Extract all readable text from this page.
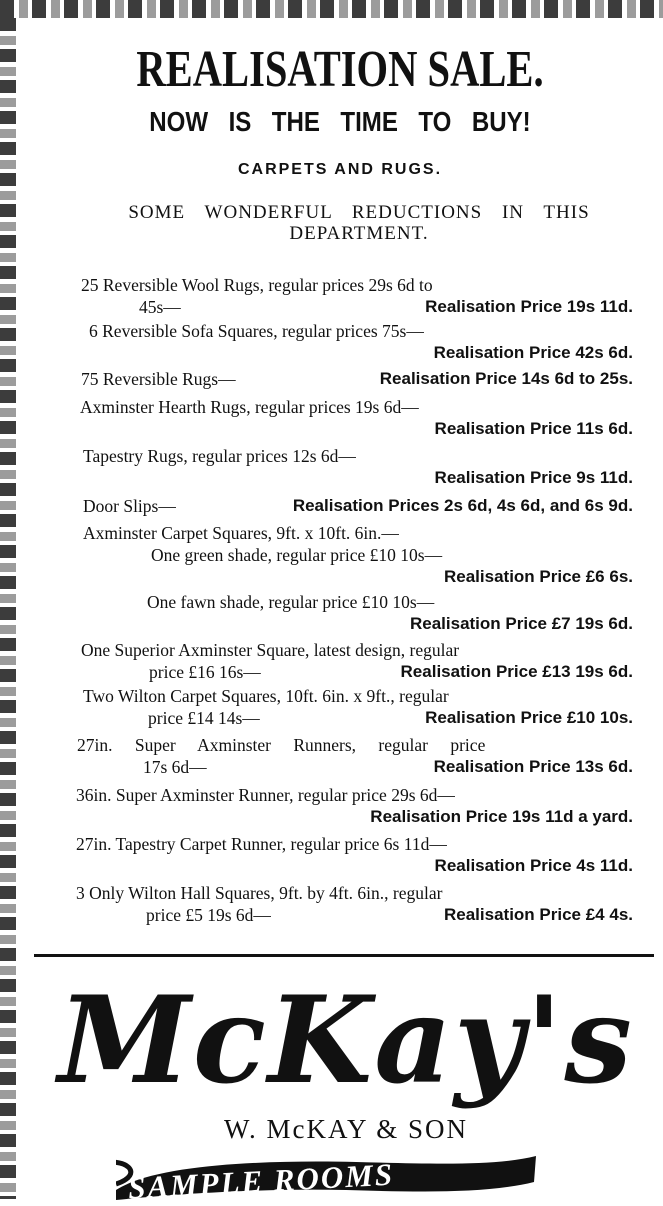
REALISATION SALE.
NOW IS THE TIME TO BUY!
CARPETS AND RUGS.
SOME WONDERFUL REDUCTIONS IN THIS DEPARTMENT.
25 Reversible Wool Rugs, regular prices 29s 6d to
45s—	Realisation Price 19s 11d.
6 Reversible Sofa Squares, regular prices 75s—
Realisation Price 42s 6d.
75 Reversible Rugs—	Realisation Price 14s 6d to 25s.
Axminster Hearth Rugs, regular prices 19s 6d—
Realisation Price 11s 6d.
Tapestry Rugs, regular prices 12s 6d—
Realisation Price 9s 11d.
Door Slips—	Realisation Prices 2s 6d, 4s 6d, and 6s 9d.
Axminster Carpet Squares, 9ft. x 10ft. 6in.—
One green shade, regular price £10 10s—
Realisation Price £6 6s.
One fawn shade, regular price £10 10s—
Realisation Price £7 19s 6d.
One Superior Axminster Square, latest design, regular
price £16 16s—	Realisation Price £13 19s 6d.
Two Wilton Carpet Squares, 10ft. 6in. x 9ft., regular
price £14 14s—	Realisation Price £10 10s.
27in. Super Axminster Runners, regular price
17s 6d—	Realisation Price 13s 6d.
36in. Super Axminster Runner, regular price 29s 6d—
Realisation Price 19s 11d a yard.
27in. Tapestry Carpet Runner, regular price 6s 11d—
Realisation Price 4s 11d.
3 Only Wilton Hall Squares, 9ft. by 4ft. 6in., regular
price £5 19s 6d—	Realisation Price £4 4s.
McKay's
W. McKAY & SON
SAMPLE ROOMS
